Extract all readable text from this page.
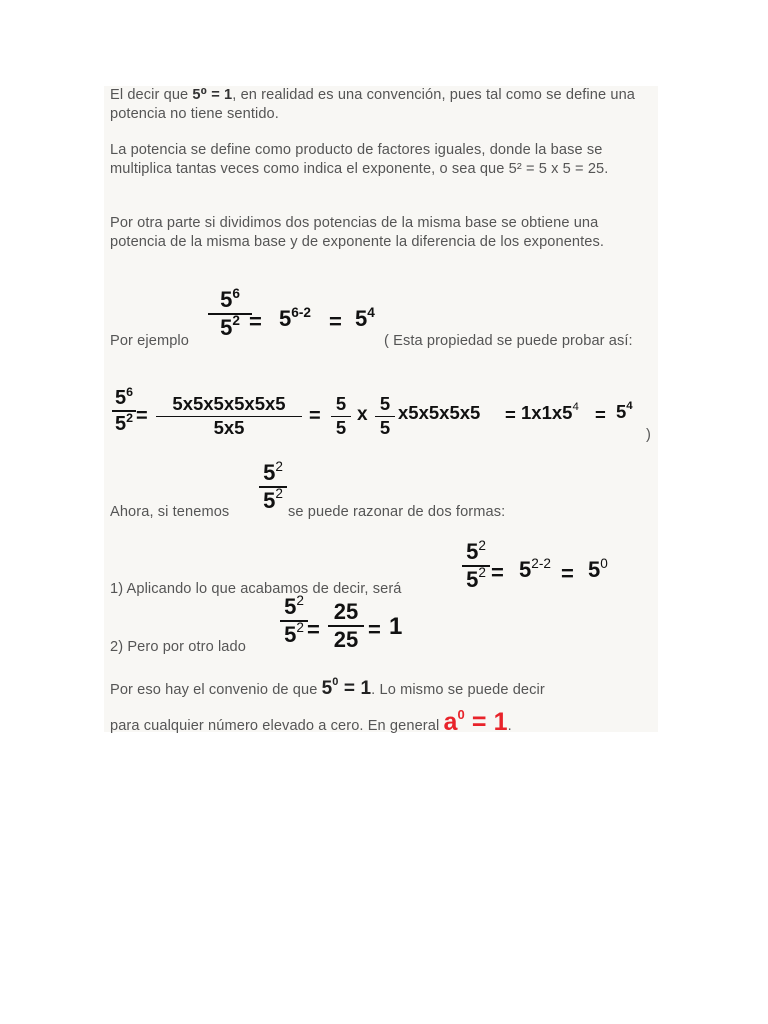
El decir que 5⁰ = 1, en realidad es una convención, pues tal como se define una potencia no tiene sentido.
La potencia se define como producto de factores iguales, donde la base se multiplica tantas veces como indica el exponente, o sea que 5² = 5 x 5 = 25.
Por otra parte si dividimos dos potencias de la misma base se obtiene una potencia de la misma base y de exponente la diferencia de los exponentes.
$5^6$
$5^2 = 5^{6-2} = 5^4$
Por ejemplo	( Esta propiedad se puede probar así:
$5^6$
$5^2$ =
5x5x5x5x5x5
5x5
=
5
5
x
5
5
$x5x5x5x5 = 1x1x5^4 = 5^4$
)
$5^2$
$5^2$
Ahora, si tenemos	se puede razonar de dos formas:
$5^2$
$5^2 = 5^{2-2} = 5^0$
1) Aplicando lo que acabamos de decir, será
$5^2$
$5^2$ =
25
25 = 1
2) Pero por otro lado
Por eso hay el convenio de que $5^0 = 1$. Lo mismo se puede decir
para cualquier número elevado a cero. En general $a^0 = 1$.
